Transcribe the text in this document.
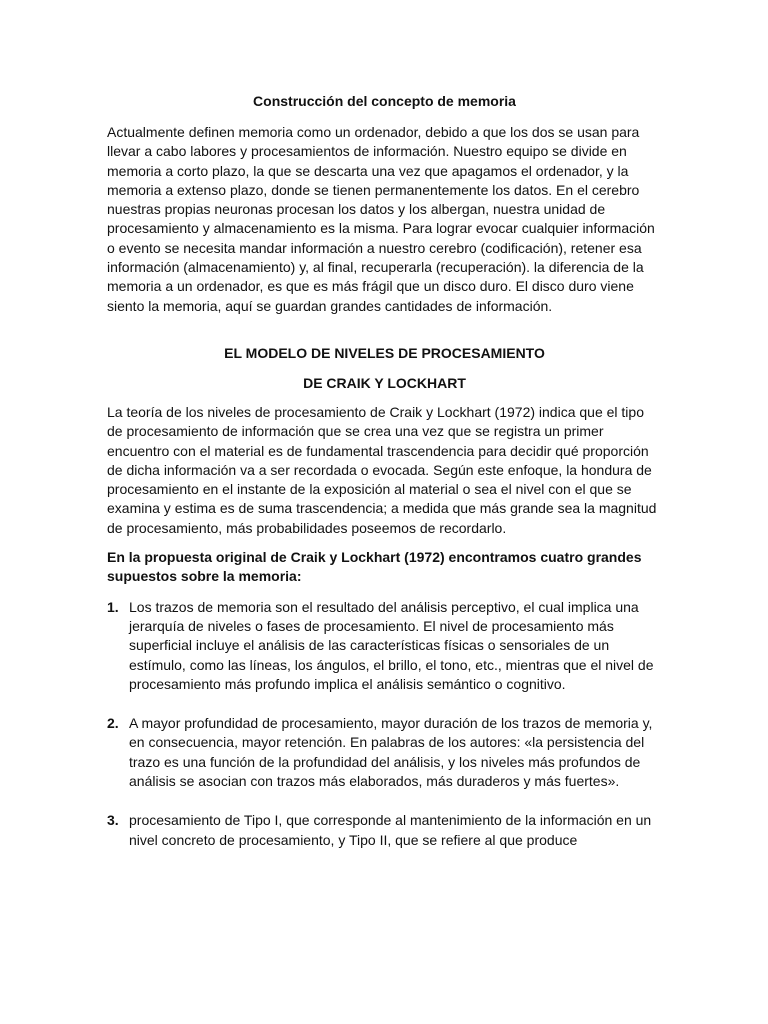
Construcción del concepto de memoria

Actualmente definen memoria como un ordenador, debido a que los dos se usan para llevar a cabo labores y procesamientos de información. Nuestro equipo se divide en memoria a corto plazo, la que se descarta una vez que apagamos el ordenador, y la memoria a extenso plazo, donde se tienen permanentemente los datos. En el cerebro nuestras propias neuronas procesan los datos y los albergan, nuestra unidad de procesamiento y almacenamiento es la misma. Para lograr evocar cualquier información o evento se necesita mandar información a nuestro cerebro (codificación), retener esa información (almacenamiento) y, al final, recuperarla (recuperación). la diferencia de la memoria a un ordenador, es que es más frágil que un disco duro. El disco duro viene siento la memoria, aquí se guardan grandes cantidades de información.

EL MODELO DE NIVELES DE PROCESAMIENTO
DE CRAIK Y LOCKHART

La teoría de los niveles de procesamiento de Craik y Lockhart (1972) indica que el tipo de procesamiento de información que se crea una vez que se registra un primer encuentro con el material es de fundamental trascendencia para decidir qué proporción de dicha información va a ser recordada o evocada. Según este enfoque, la hondura de procesamiento en el instante de la exposición al material o sea el nivel con el que se examina y estima es de suma trascendencia; a medida que más grande sea la magnitud de procesamiento, más probabilidades poseemos de recordarlo.

En la propuesta original de Craik y Lockhart (1972) encontramos cuatro grandes supuestos sobre la memoria:

1. Los trazos de memoria son el resultado del análisis perceptivo, el cual implica una jerarquía de niveles o fases de procesamiento. El nivel de procesamiento más superficial incluye el análisis de las características físicas o sensoriales de un estímulo, como las líneas, los ángulos, el brillo, el tono, etc., mientras que el nivel de procesamiento más profundo implica el análisis semántico o cognitivo.
2. A mayor profundidad de procesamiento, mayor duración de los trazos de memoria y, en consecuencia, mayor retención. En palabras de los autores: «la persistencia del trazo es una función de la profundidad del análisis, y los niveles más profundos de análisis se asocian con trazos más elaborados, más duraderos y más fuertes».
3. procesamiento de Tipo I, que corresponde al mantenimiento de la información en un nivel concreto de procesamiento, y Tipo II, que se refiere al que produce
